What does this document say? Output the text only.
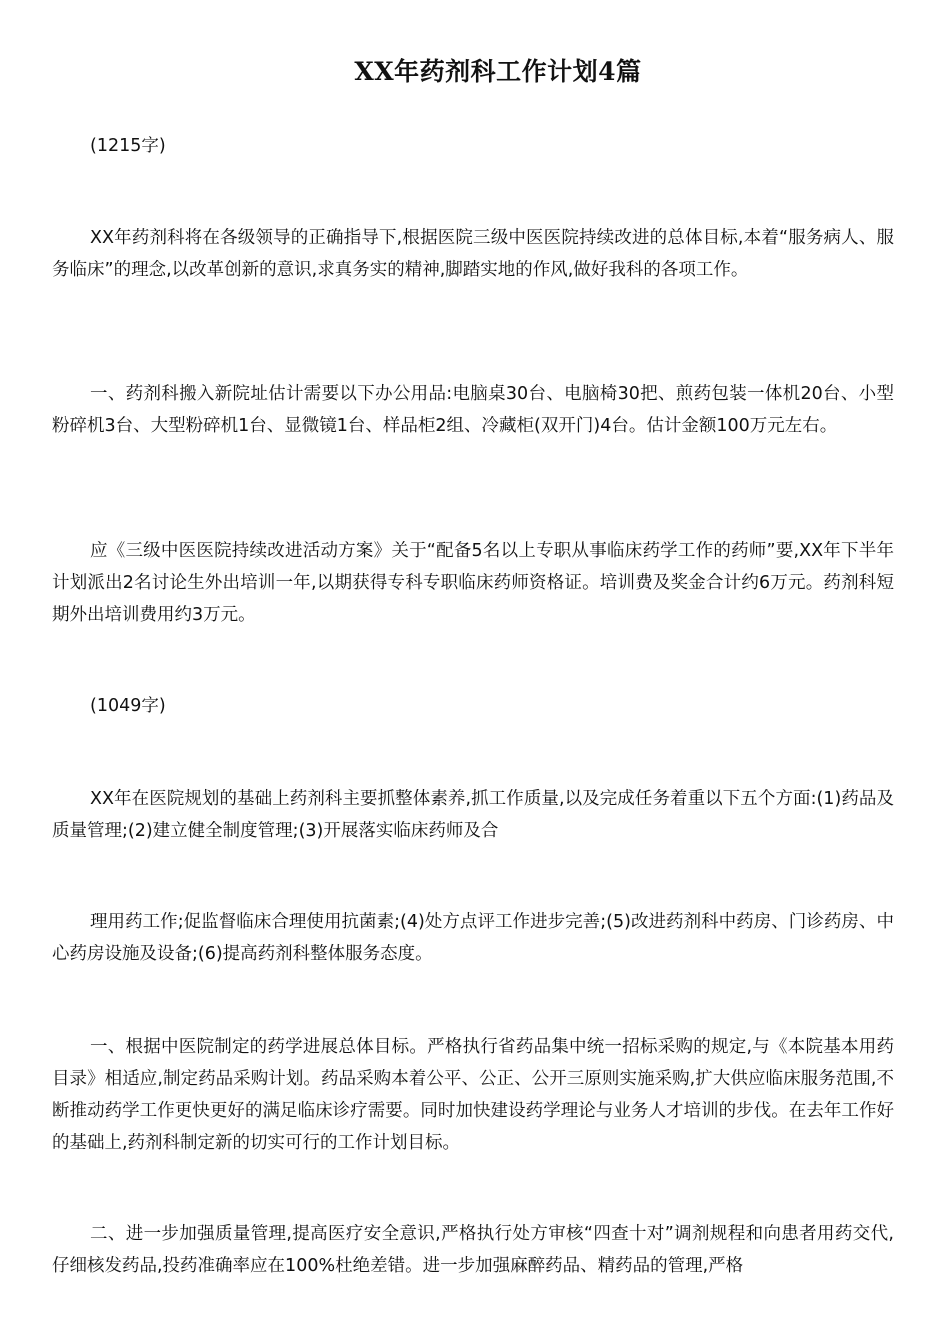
XX年药剂科工作计划4篇

(1215字)

XX年药剂科将在各级领导的正确指导下,根据医院三级中医医院持续改进的总体目标,本着“服务病人、服务临床”的理念,以改革创新的意识,求真务实的精神,脚踏实地的作风,做好我科的各项工作。

一、药剂科搬入新院址估计需要以下办公用品:电脑桌30台、电脑椅30把、煎药包装一体机20台、小型粉碎机3台、大型粉碎机1台、显微镜1台、样品柜2组、冷藏柜(双开门)4台。估计金额100万元左右。

应《三级中医医院持续改进活动方案》关于“配备5名以上专职从事临床药学工作的药师”要,XX年下半年计划派出2名讨论生外出培训一年,以期获得专科专职临床药师资格证。培训费及奖金合计约6万元。药剂科短期外出培训费用约3万元。

(1049字)

XX年在医院规划的基础上药剂科主要抓整体素养,抓工作质量,以及完成任务着重以下五个方面:(1)药品及质量管理;(2)建立健全制度管理;(3)开展落实临床药师及合

理用药工作;促监督临床合理使用抗菌素;(4)处方点评工作进步完善;(5)改进药剂科中药房、门诊药房、中心药房设施及设备;(6)提高药剂科整体服务态度。

一、根据中医院制定的药学进展总体目标。严格执行省药品集中统一招标采购的规定,与《本院基本用药目录》相适应,制定药品采购计划。药品采购本着公平、公正、公开三原则实施采购,扩大供应临床服务范围,不断推动药学工作更快更好的满足临床诊疗需要。同时加快建设药学理论与业务人才培训的步伐。在去年工作好的基础上,药剂科制定新的切实可行的工作计划目标。

二、进一步加强质量管理,提高医疗安全意识,严格执行处方审核“四查十对”调剂规程和向患者用药交代,仔细核发药品,投药准确率应在100%杜绝差错。进一步加强麻醉药品、精药品的管理,严格
